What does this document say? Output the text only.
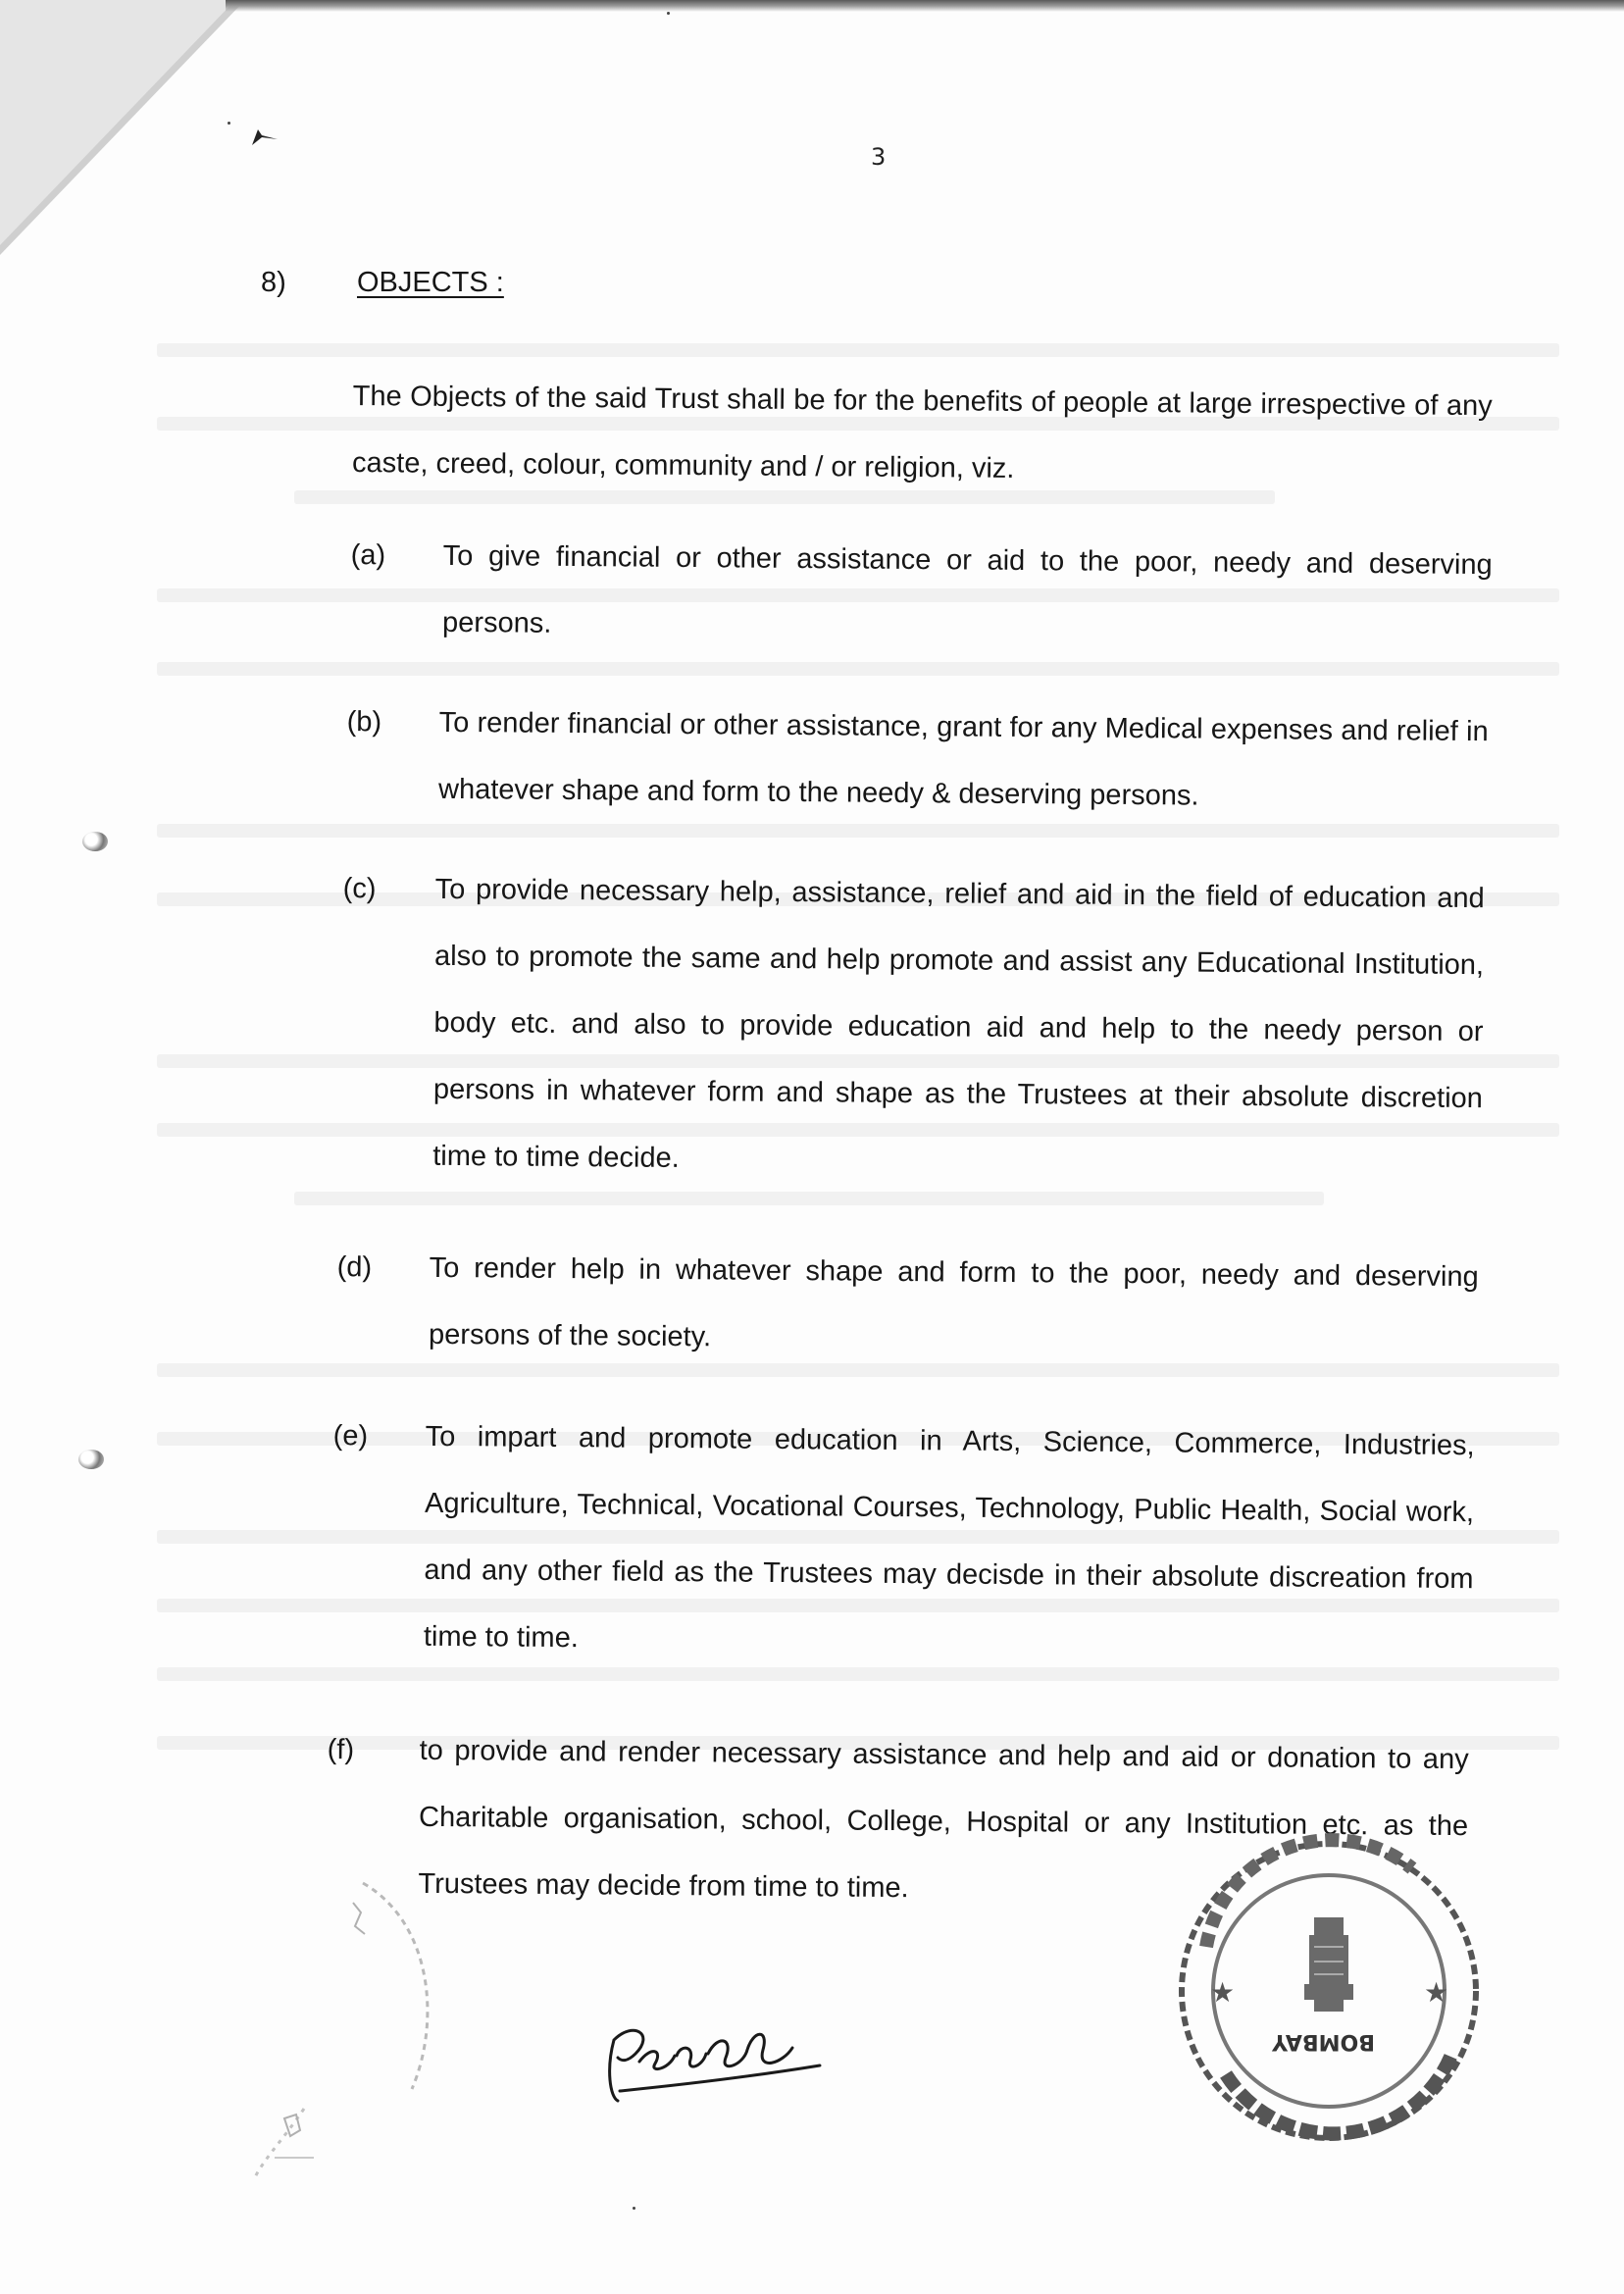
3
8) OBJECTS :
The Objects of the said Trust shall be for the benefits of people at large irrespective of any caste, creed, colour, community and / or religion, viz.
(a) To give financial or other assistance or aid to the poor, needy and deserving persons.
(b) To render financial or other assistance, grant for any Medical expenses and relief in whatever shape and form to the needy & deserving persons.
(c) To provide necessary help, assistance, relief and aid in the field of education and also to promote the same and help promote and assist any Educational Institution, body etc. and also to provide education aid and help to the needy person or persons in whatever form and shape as the Trustees at their absolute discretion time to time decide.
(d) To render help in whatever shape and form to the poor, needy and deserving persons of the society.
(e) To impart and promote education in Arts, Science, Commerce, Industries, Agriculture, Technical, Vocational Courses, Technology, Public Health, Social work, and any other field as the Trustees may decisde in their absolute discreation from time to time.
(f) to provide and render necessary assistance and help and aid or donation to any Charitable organisation, school, College, Hospital or any Institution etc. as the Trustees may decide from time to time.
★	★
BOMBAY
